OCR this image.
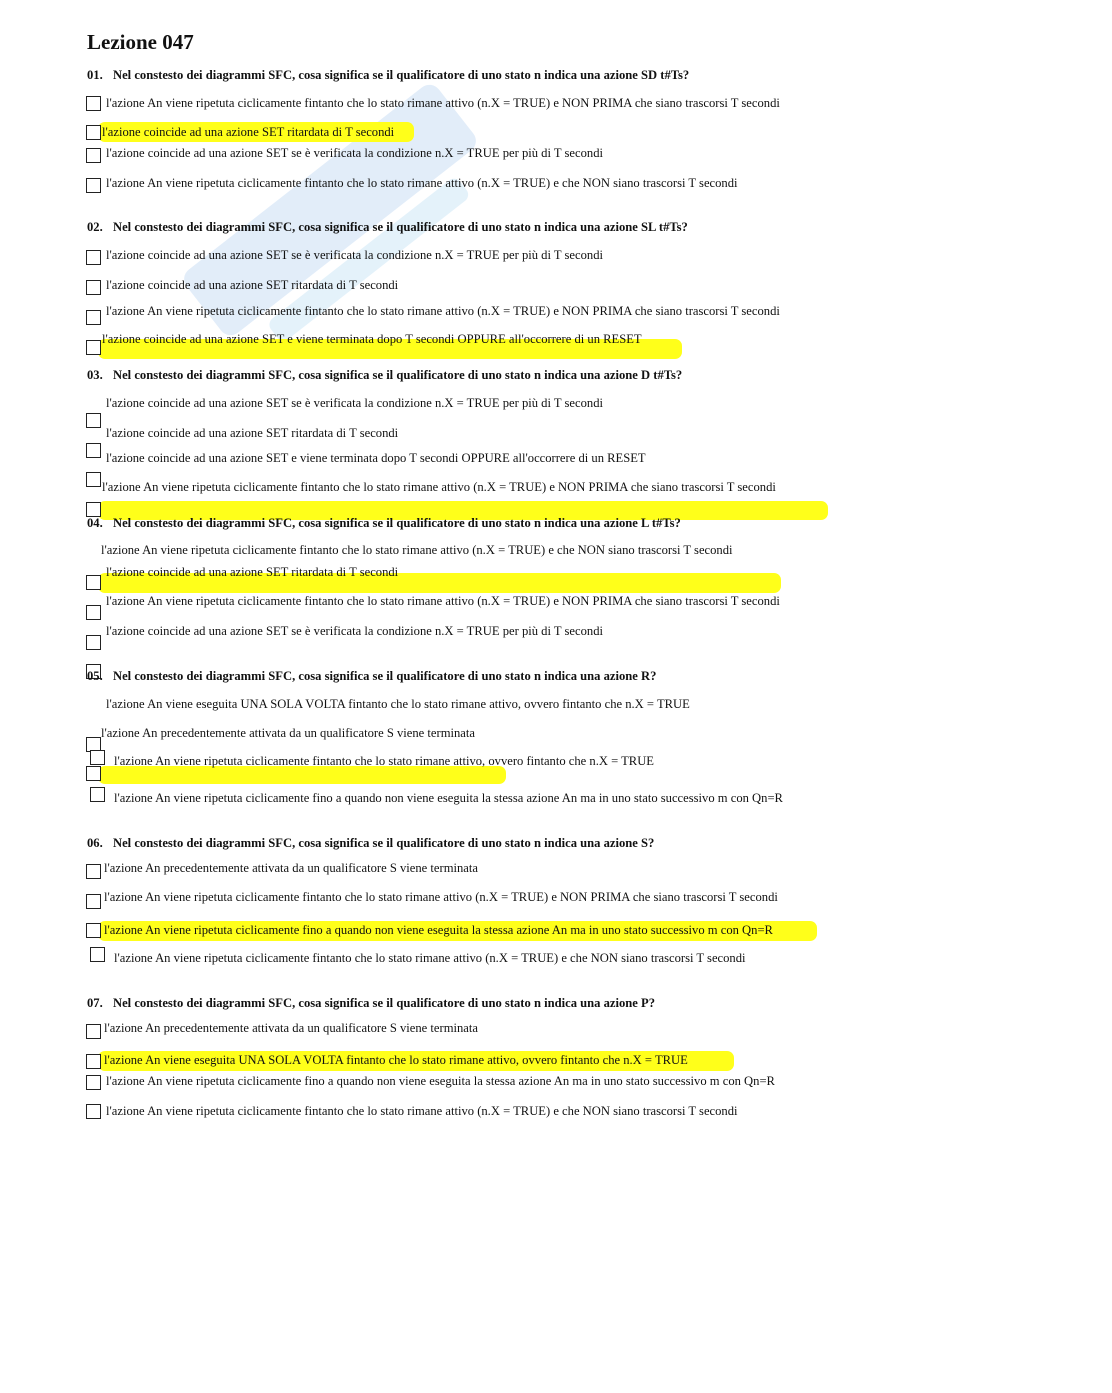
Lezione 047
01. Nel constesto dei diagrammi SFC, cosa significa se il qualificatore di uno stato n indica una azione SD t#Ts?
l'azione An viene ripetuta ciclicamente fintanto che lo stato rimane attivo (n.X = TRUE) e NON PRIMA che siano trascorsi T secondi
l'azione coincide ad una azione SET ritardata di T secondi
l'azione coincide ad una azione SET se è verificata la condizione n.X = TRUE per più di T secondi
l'azione An viene ripetuta ciclicamente fintanto che lo stato rimane attivo (n.X = TRUE) e che NON siano trascorsi T secondi
02. Nel constesto dei diagrammi SFC, cosa significa se il qualificatore di uno stato n indica una azione SL t#Ts?
l'azione coincide ad una azione SET se è verificata la condizione n.X = TRUE per più di T secondi
l'azione coincide ad una azione SET ritardata di T secondi
l'azione An viene ripetuta ciclicamente fintanto che lo stato rimane attivo (n.X = TRUE) e NON PRIMA che siano trascorsi T secondi
l'azione coincide ad una azione SET e viene terminata dopo T secondi OPPURE all'occorrere di un RESET
03. Nel constesto dei diagrammi SFC, cosa significa se il qualificatore di uno stato n indica una azione D t#Ts?
l'azione coincide ad una azione SET se è verificata la condizione n.X = TRUE per più di T secondi
l'azione coincide ad una azione SET ritardata di T secondi
l'azione coincide ad una azione SET e viene terminata dopo T secondi OPPURE all'occorrere di un RESET
l'azione An viene ripetuta ciclicamente fintanto che lo stato rimane attivo (n.X = TRUE) e NON PRIMA che siano trascorsi T secondi
04. Nel constesto dei diagrammi SFC, cosa significa se il qualificatore di uno stato n indica una azione L t#Ts?
l'azione An viene ripetuta ciclicamente fintanto che lo stato rimane attivo (n.X = TRUE) e che NON siano trascorsi T secondi
l'azione coincide ad una azione SET ritardata di T secondi
l'azione An viene ripetuta ciclicamente fintanto che lo stato rimane attivo (n.X = TRUE) e NON PRIMA che siano trascorsi T secondi
l'azione coincide ad una azione SET se è verificata la condizione n.X = TRUE per più di T secondi
05. Nel constesto dei diagrammi SFC, cosa significa se il qualificatore di uno stato n indica una azione R?
l'azione An viene eseguita UNA SOLA VOLTA fintanto che lo stato rimane attivo, ovvero fintanto che n.X = TRUE
l'azione An precedentemente attivata da un qualificatore S viene terminata
l'azione An viene ripetuta ciclicamente fintanto che lo stato rimane attivo, ovvero fintanto che n.X = TRUE
l'azione An viene ripetuta ciclicamente fino a quando non viene eseguita la stessa azione An ma in uno stato successivo m con Qn=R
06. Nel constesto dei diagrammi SFC, cosa significa se il qualificatore di uno stato n indica una azione S?
l'azione An precedentemente attivata da un qualificatore S viene terminata
l'azione An viene ripetuta ciclicamente fintanto che lo stato rimane attivo (n.X = TRUE) e NON PRIMA che siano trascorsi T secondi
l'azione An viene ripetuta ciclicamente fino a quando non viene eseguita la stessa azione An ma in uno stato successivo m con Qn=R
l'azione An viene ripetuta ciclicamente fintanto che lo stato rimane attivo (n.X = TRUE) e che NON siano trascorsi T secondi
07. Nel constesto dei diagrammi SFC, cosa significa se il qualificatore di uno stato n indica una azione P?
l'azione An precedentemente attivata da un qualificatore S viene terminata
l'azione An viene eseguita UNA SOLA VOLTA fintanto che lo stato rimane attivo, ovvero fintanto che n.X = TRUE
l'azione An viene ripetuta ciclicamente fino a quando non viene eseguita la stessa azione An ma in uno stato successivo m con Qn=R
l'azione An viene ripetuta ciclicamente fintanto che lo stato rimane attivo (n.X = TRUE) e che NON siano trascorsi T secondi
